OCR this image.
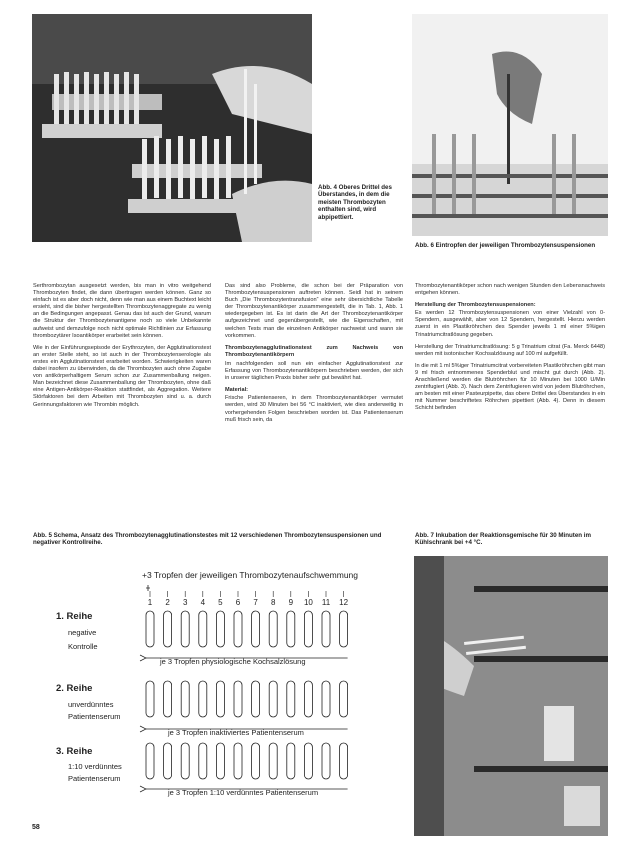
Abb. 4 Oberes Drittel des Überstandes, in dem die meisten Thrombozyten enthalten sind, wird abpipettiert.
Abb. 6 Eintropfen der jeweiligen Thrombozytensuspensionen

Serthrombozytan ausgesetzt werden, bis man in vitro weitgehend Thrombozyten findet, die dann übertragen werden können. Ganz so einfach ist es aber doch nicht, denn wie man aus einem Buchtext leicht ersieht, sind die bisher hergestellten Thrombozytenaggregate zu wenig an die Bedingungen angepasst. Genau das ist auch der Grund, warum die Struktur der Thrombozytenantigene noch so viele Unbekannte aufweist und demzufolge noch nicht optimale Richtlinien zur Erfassung thrombozytärer Isoantikörper erarbeitet sein können.

Wie in der Einführungsepisode der Erythrozyten, der Agglutinationstest an erster Stelle steht, so ist auch in der Thrombozytenserologie als erstes ein Agglutinationstest erarbeitet worden. Schwierigkeiten waren dabei insofern zu überwinden, da die Thrombozyten auch ohne Zugabe von antikörperhaltigem Serum schon zur Zusammenballung neigen. Man bezeichnet diese Zusammenballung der Thrombozyten, ohne daß eine Antigen-Antikörper-Reaktion stattfindet, als Aggregation. Weitere Störfaktoren bei dem Arbeiten mit Thrombozyten sind u. a. durch Gerinnungsfaktoren wie Thrombin möglich.

Das sind also Probleme, die schon bei der Präparation von Thrombozytensuspensionen auftreten können. Seidl hat in seinem Buch „Die Thrombozytentransfusion“ eine sehr übersichtliche Tabelle der Thrombozytenantikörper zusammengestellt, die in Tab. 1, Abb. 1 wiedergegeben ist. Es ist darin die Art der Thrombozytenantikörper aufgezeichnet und gegenübergestellt, wie die Eigenschaften, mit welchen Tests man die einzelnen Antikörper nachweist und wann sie vorkommen.

Thrombozytenagglutinationstest zum Nachweis von Thrombozytenantikörpern

Im nachfolgenden soll nun ein einfacher Agglutinationstest zur Erfassung von Thrombozytenantikörpern beschrieben werden, der sich in unserer täglichen Praxis bisher sehr gut bewährt hat.

Material:

Frische Patientenseren, in dem Thrombozytenantikörper vermutet werden, wird 30 Minuten bei 56 °C inaktiviert, wie dies anderweitig in vorhergehenden Folgen beschrieben worden ist. Das Patientenserum muß frisch sein, da

Thrombozytenantikörper schon nach wenigen Stunden den Lebensnachweis entgehen können.

Herstellung der Thrombozytensuspensionen:

Es werden 12 Thrombozytensuspensionen von einer Vielzahl von 0-Spendern, ausgewählt, aber von 12 Spendern, hergestellt. Hierzu werden zuerst in ein Plastikröhrchen des Spender jeweils 1 ml einer 5%igen Trinatriumcitratlösung gegeben.

Herstellung der Trinatriumcitratlösung: 5 g Trinatrium citrat (Fa. Merck 6448) werden mit isotonischer Kochsalzlösung auf 100 ml aufgefüllt.

In die mit 1 ml 5%iger Trinatriumcitrat vorbereiteten Plastikröhrchen gibt man 9 ml frisch entnommenes Spenderblut und mischt gut durch (Abb. 2). Anschließend werden die Blutröhrchen für 10 Minuten bei 1000 U/Min zentrifugiert (Abb. 3). Nach dem Zentrifugieren wird von jedem Blutröhrchen, am besten mit einer Pasteurpipette, das obere Drittel des Überstandes in ein mit Nummer beschriftetes Röhrchen pipettiert (Abb. 4). Denn in diesem Schicht befinden

Abb. 5 Schema, Ansatz des Thrombozytenagglutinationstestes mit 12 verschiedenen Thrombozytensuspensionen und negativer Kontrollreihe.
+3 Tropfen der jeweiligen Thrombozytenaufschwemmung
1 2 3 4 5 6 7 8 9 10 11 12
1. Reihe
negative
Kontrolle
je 3 Tropfen physiologische Kochsalzlösung
2. Reihe
unverdünntes
Patientenserum
je 3 Tropfen inaktiviertes Patientenserum
3. Reihe
1:10 verdünntes
Patientenserum
je 3 Tropfen 1:10 verdünntes Patientenserum
Abb. 7 Inkubation der Reaktionsgemische für 30 Minuten im Kühlschrank bei +4 °C.
58
